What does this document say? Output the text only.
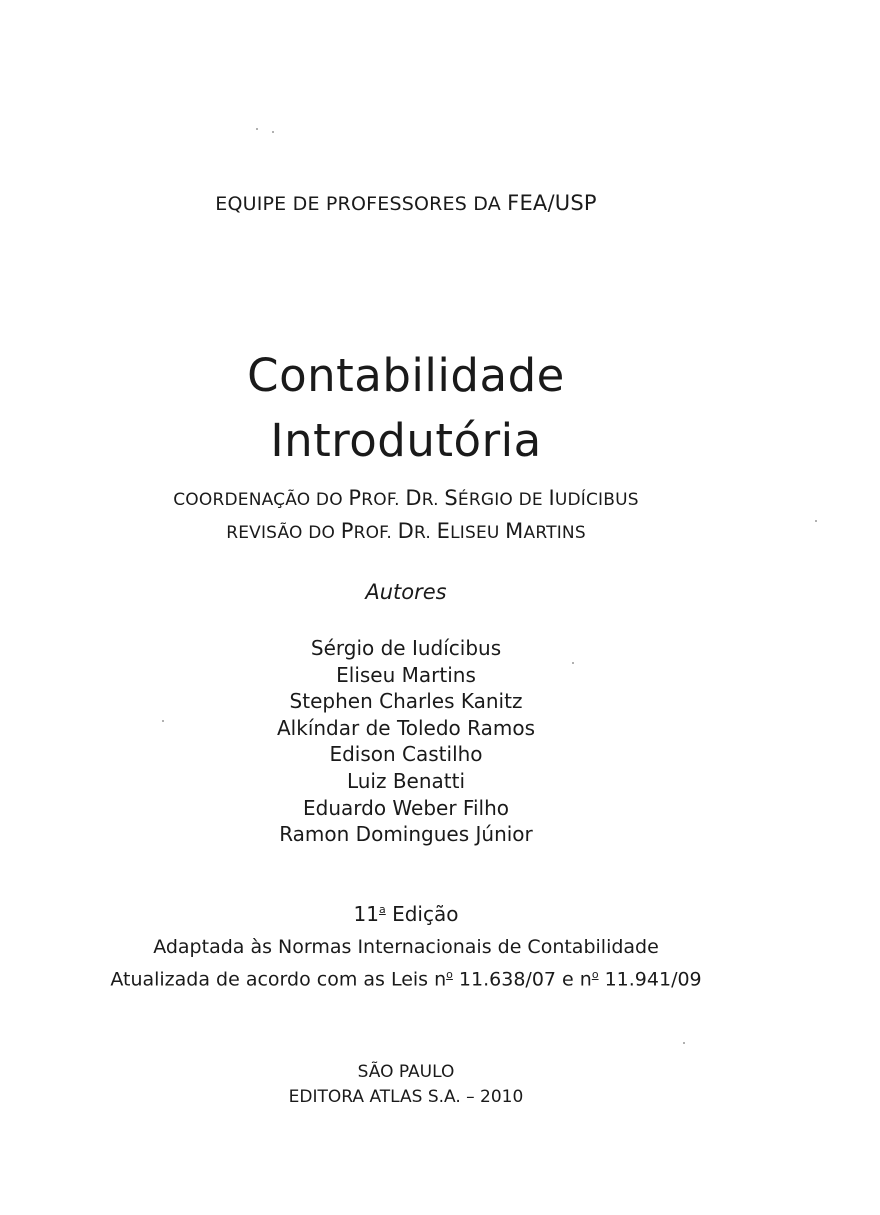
EQUIPE DE PROFESSORES DA FEA/USP
Contabilidade
Introdutória
COORDENAÇÃO DO PROF. DR. SÉRGIO DE IUDÍCIBUS
REVISÃO DO PROF. DR. ELISEU MARTINS
Autores
Sérgio de Iudícibus
Eliseu Martins
Stephen Charles Kanitz
Alkíndar de Toledo Ramos
Edison Castilho
Luiz Benatti
Eduardo Weber Filho
Ramon Domingues Júnior
11$^a$ Edição
Adaptada às Normas Internacionais de Contabilidade
Atualizada de acordo com as Leis $n^o$ 11.638/07 e $n^o$ 11.941/09
SÃO PAULO
EDITORA ATLAS S.A. – 2010
